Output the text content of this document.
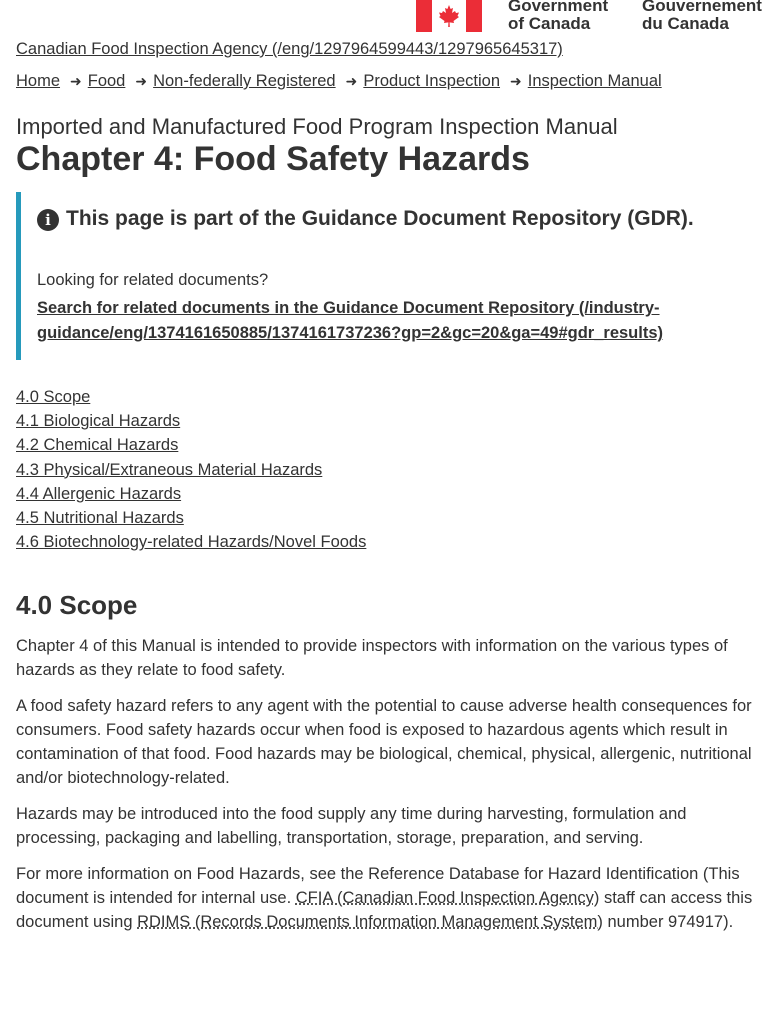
Government
of Canada
Gouvernement
du Canada
Canadian Food Inspection Agency (/eng/1297964599443/1297965645317)
Home ➜ Food ➜ Non-federally Registered ➜ Product Inspection ➜ Inspection Manual

Imported and Manufactured Food Program Inspection Manual

Chapter 4: Food Safety Hazards
i This page is part of the Guidance Document Repository (GDR).
Looking for related documents?
Search for related documents in the Guidance Document Repository (/industry-guidance/eng/1374161650885/1374161737236?gp=2&gc=20&ga=49#gdr_results)
4.0 Scope
4.1 Biological Hazards
4.2 Chemical Hazards
4.3 Physical/Extraneous Material Hazards
4.4 Allergenic Hazards
4.5 Nutritional Hazards
4.6 Biotechnology-related Hazards/Novel Foods
4.0 Scope

Chapter 4 of this Manual is intended to provide inspectors with information on the various types of hazards as they relate to food safety.

A food safety hazard refers to any agent with the potential to cause adverse health consequences for consumers. Food safety hazards occur when food is exposed to hazardous agents which result in contamination of that food. Food hazards may be biological, chemical, physical, allergenic, nutritional and/or biotechnology-related.

Hazards may be introduced into the food supply any time during harvesting, formulation and processing, packaging and labelling, transportation, storage, preparation, and serving.

For more information on Food Hazards, see the Reference Database for Hazard Identification (This document is intended for internal use. CFIA (Canadian Food Inspection Agency) staff can access this document using RDIMS (Records Documents Information Management System) number 974917).
